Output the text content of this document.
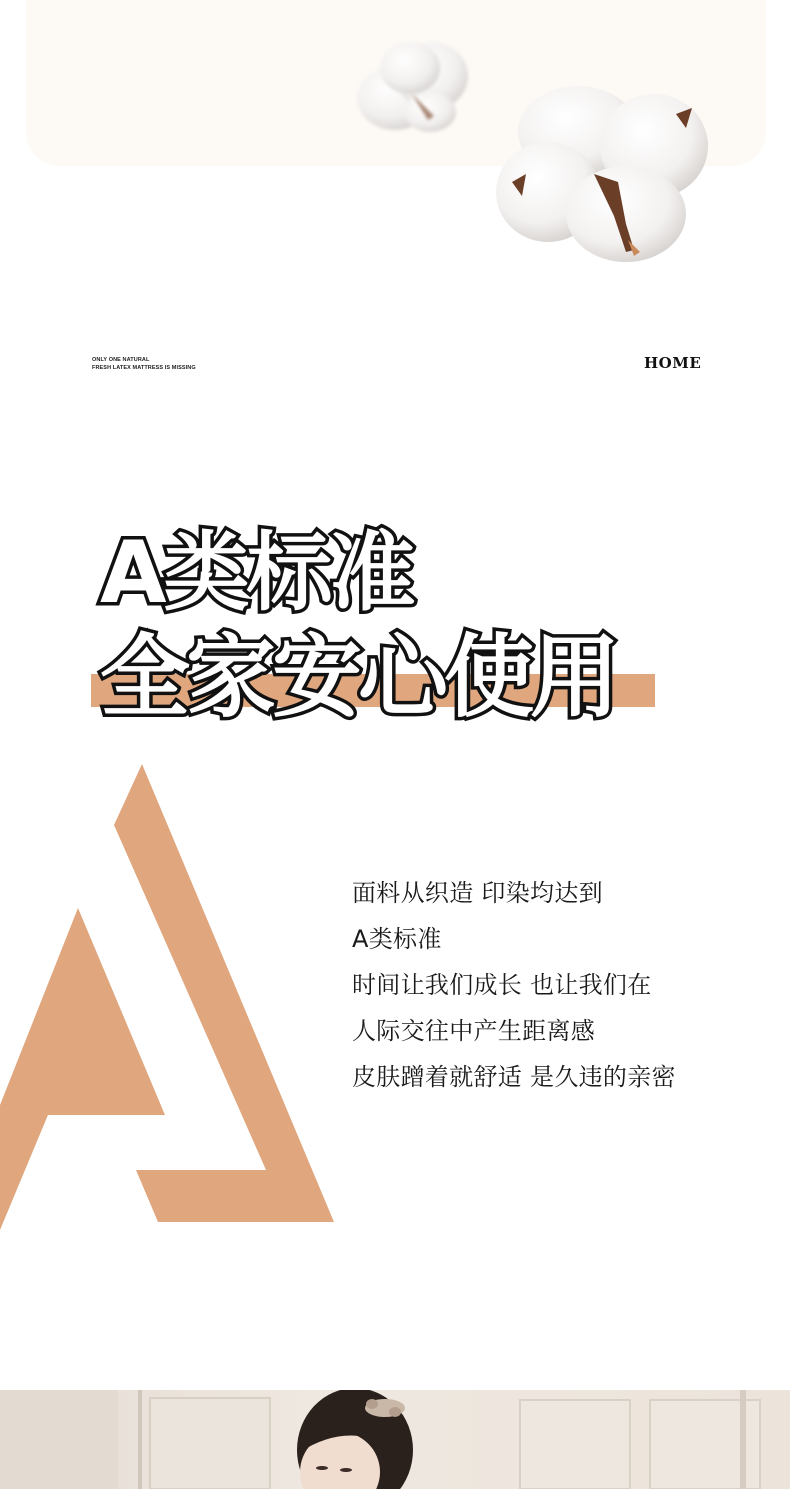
ONLY ONE NATURAL
FRESH LATEX MATTRESS IS MISSING	HOME
A类标准
全家安心使用
面料从织造 印染均达到
A类标准
时间让我们成长 也让我们在
人际交往中产生距离感
皮肤蹭着就舒适 是久违的亲密
